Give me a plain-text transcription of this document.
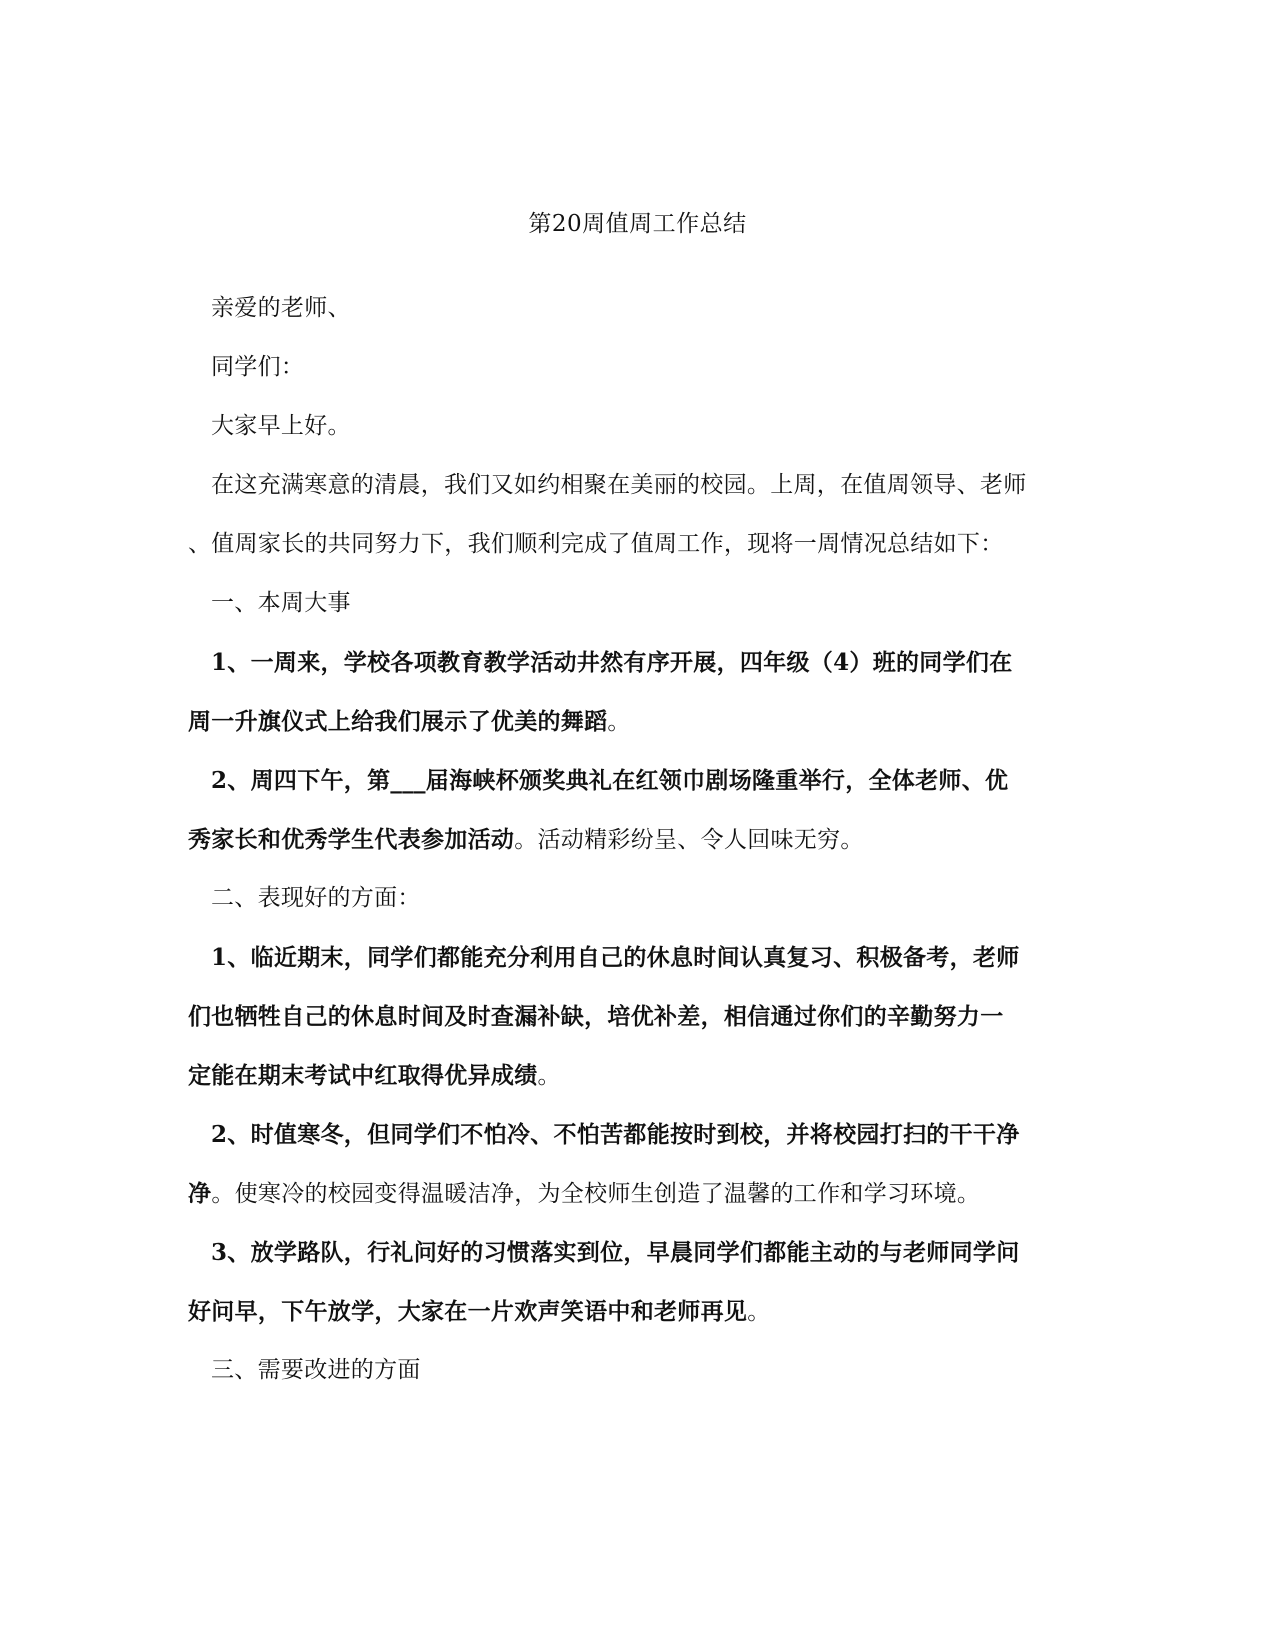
第20周值周工作总结
亲爱的老师、
同学们：
大家早上好。
在这充满寒意的清晨，我们又如约相聚在美丽的校园。上周，在值周领导、老师
、值周家长的共同努力下，我们顺利完成了值周工作，现将一周情况总结如下：
一、本周大事
1、一周来，学校各项教育教学活动井然有序开展，四年级（4）班的同学们在
周一升旗仪式上给我们展示了优美的舞蹈。
2、周四下午，第___届海峡杯颁奖典礼在红领巾剧场隆重举行，全体老师、优
秀家长和优秀学生代表参加活动。活动精彩纷呈、令人回味无穷。
二、表现好的方面：
1、临近期末，同学们都能充分利用自己的休息时间认真复习、积极备考，老师
们也牺牲自己的休息时间及时查漏补缺，培优补差，相信通过你们的辛勤努力一
定能在期末考试中红取得优异成绩。
2、时值寒冬，但同学们不怕冷、不怕苦都能按时到校，并将校园打扫的干干净
净。使寒冷的校园变得温暖洁净，为全校师生创造了温馨的工作和学习环境。
3、放学路队，行礼问好的习惯落实到位，早晨同学们都能主动的与老师同学问
好问早，下午放学，大家在一片欢声笑语中和老师再见。
三、需要改进的方面
